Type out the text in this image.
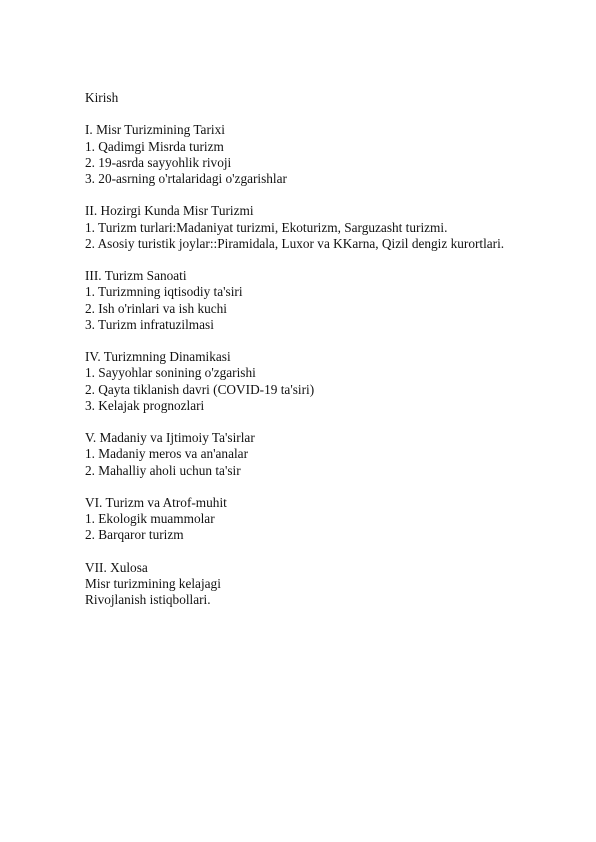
Kirish
I. Misr Turizmining Tarixi
1. Qadimgi Misrda turizm
2. 19-asrda sayyohlik rivoji
3. 20-asrning o'rtalaridagi o'zgarishlar
II. Hozirgi Kunda Misr Turizmi
1. Turizm turlari:Madaniyat turizmi, Ekoturizm, Sarguzasht turizmi.
2. Asosiy turistik joylar::Piramidala, Luxor va KKarna, Qizil dengiz kurortlari.
III. Turizm Sanoati
1. Turizmning iqtisodiy ta'siri
2. Ish o'rinlari va ish kuchi
3. Turizm infratuzilmasi
IV. Turizmning Dinamikasi
1. Sayyohlar sonining o'zgarishi
2. Qayta tiklanish davri (COVID-19 ta'siri)
3. Kelajak prognozlari
V. Madaniy va Ijtimoiy Ta'sirlar
1. Madaniy meros va an'analar
2. Mahalliy aholi uchun ta'sir
VI. Turizm va Atrof-muhit
1. Ekologik muammolar
2. Barqaror turizm
VII. Xulosa
Misr turizmining kelajagi
Rivojlanish istiqbollari.
